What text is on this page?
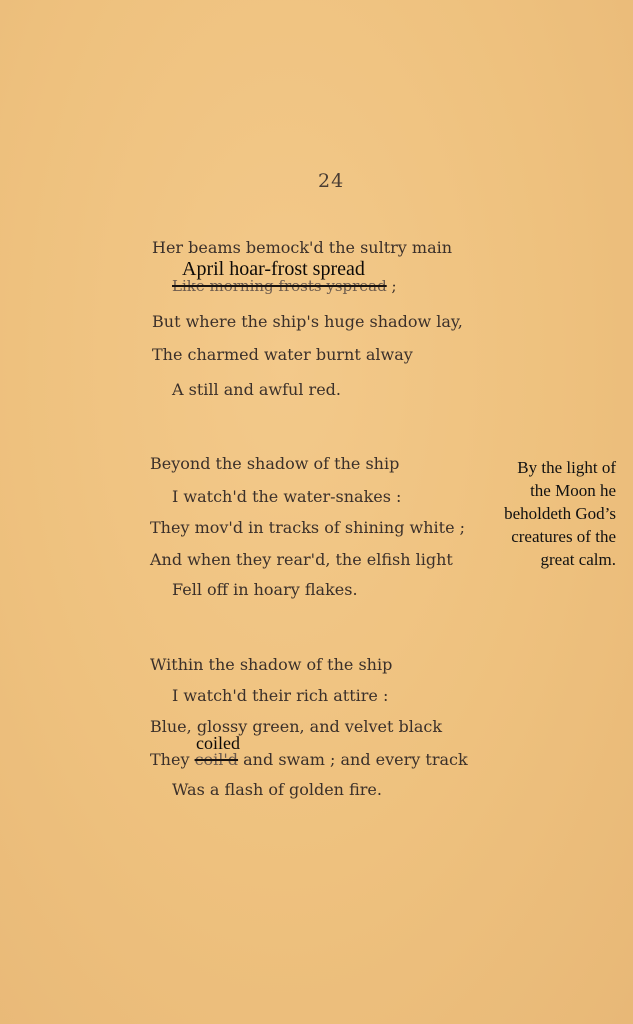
24
Her beams bemock'd the sultry main
April hoar-frost spread
Like morning frosts yspread ;
But where the ship's huge shadow lay,
The charmed water burnt alway
A still and awful red.
Beyond the shadow of the ship
I watch'd the water-snakes :
They mov'd in tracks of shining white ;
And when they rear'd, the elfish light
Fell off in hoary flakes.
By the light of
the Moon he
beholdeth God’s
creatures of the
great calm.
Within the shadow of the ship
I watch'd their rich attire :
Blue, glossy green, and velvet black
coiled
They coil'd and swam ; and every track
Was a flash of golden fire.
